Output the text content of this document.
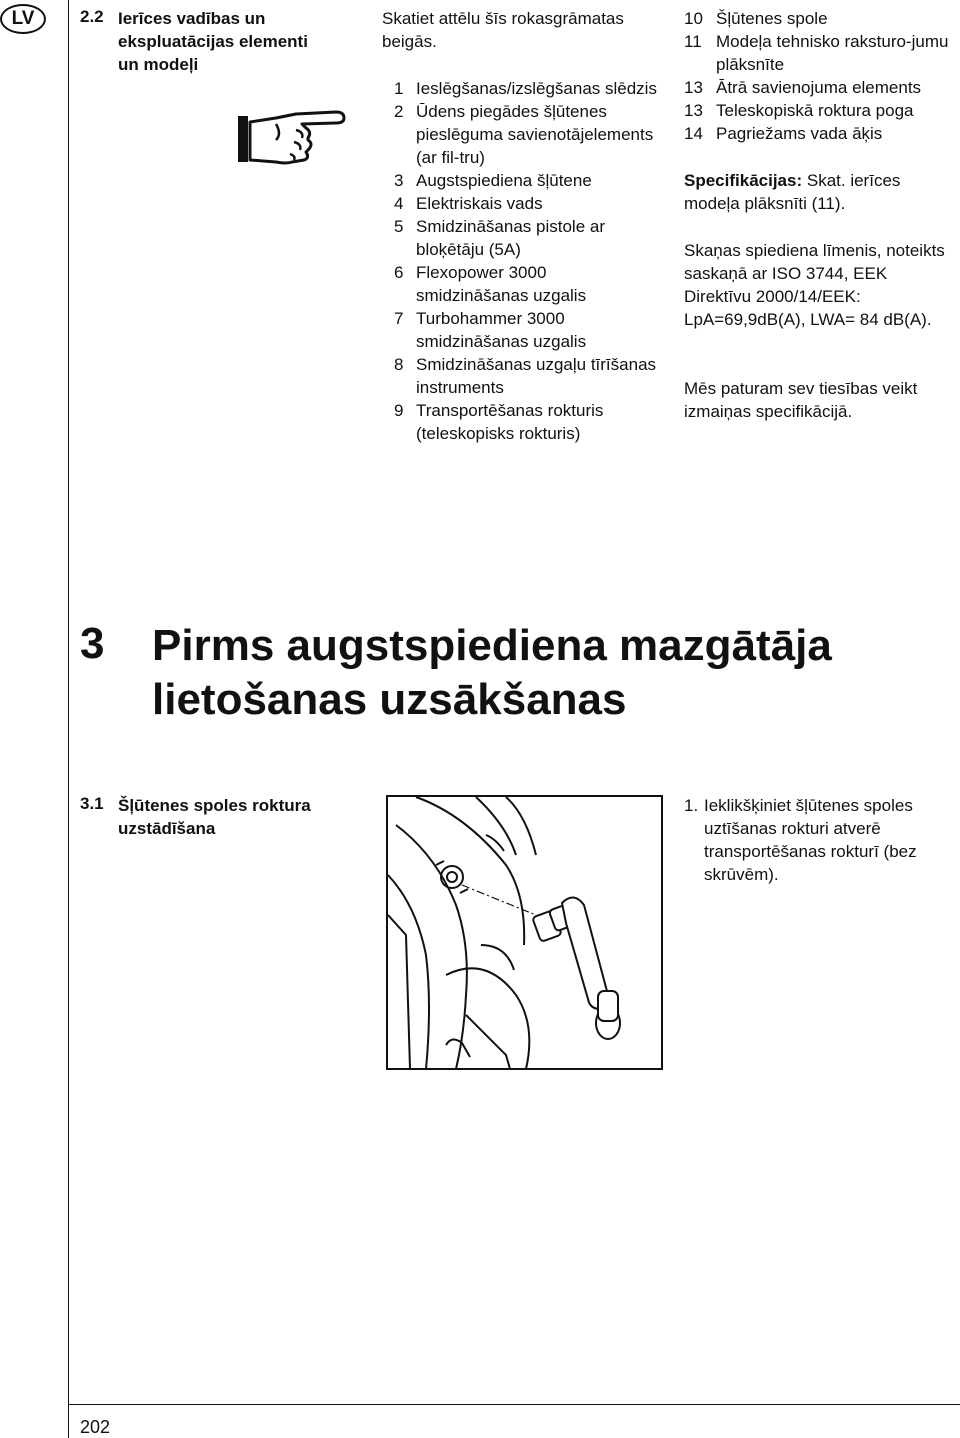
LV	2.2 Ierīces vadības un ekspluatācijas elementi un modeļi
Skatiet attēlu šīs rokasgrāmatas beigās.
1 Ieslēgšanas/izslēgšanas slēdzis
2 Ūdens piegādes šļūtenes pieslēguma savienotājelements (ar fil-tru)
3 Augstspiediena šļūtene
4 Elektriskais vads
5 Smidzināšanas pistole ar bloķētāju (5A)
6 Flexopower 3000 smidzināšanas uzgalis
7 Turbohammer 3000 smidzināšanas uzgalis
8 Smidzināšanas uzgaļu tīrīšanas instruments
9 Transportēšanas rokturis (teleskopisks rokturis)
10 Šļūtenes spole
11 Modeļa tehnisko raksturo-jumu plāksnīte
13 Ātrā savienojuma elements
13 Teleskopiskā roktura poga
14 Pagriežams vada āķis
Specifikācijas: Skat. ierīces modeļa plāksnīti (11).
Skaņas spiediena līmenis, noteikts saskaņā ar ISO 3744, EEK Direktīvu 2000/14/EEK: LpA=69,9dB(A), LWA= 84 dB(A).
Mēs paturam sev tiesības veikt izmaiņas specifikācijā.
3 Pirms augstspiediena mazgātāja lietošanas uzsākšanas
3.1 Šļūtenes spoles roktura uzstādīšana
1. Ieklikšķiniet šļūtenes spoles uztīšanas rokturi atverē transportēšanas rokturī (bez skrūvēm).
202
